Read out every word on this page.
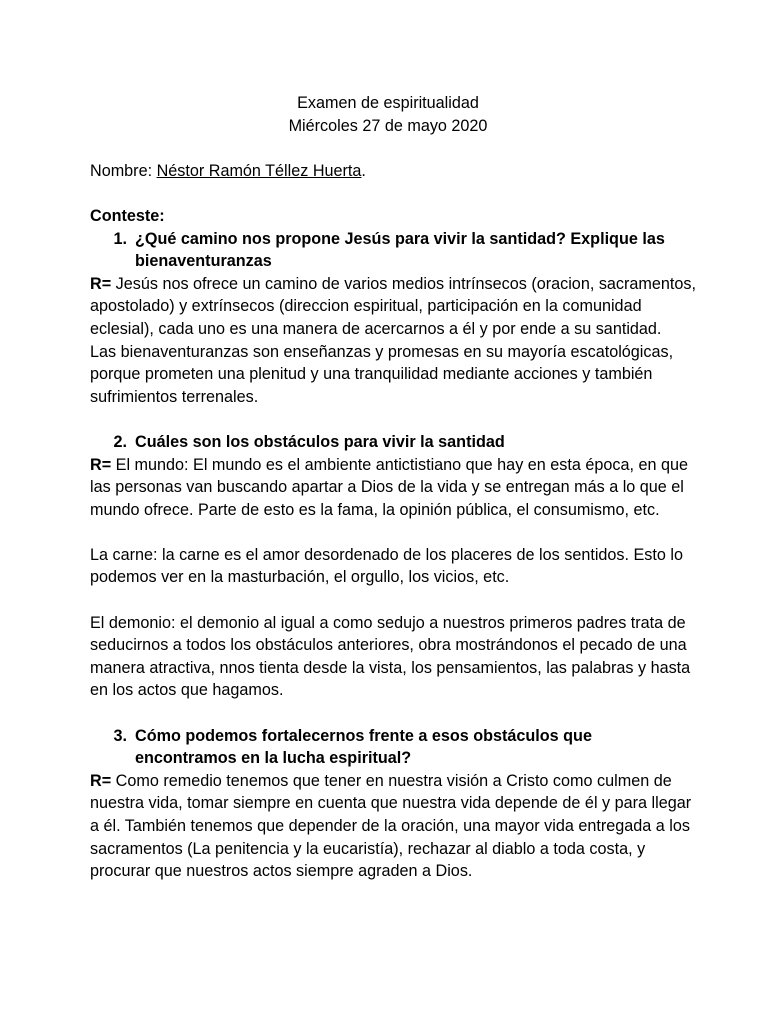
Examen de espiritualidad

Miércoles 27 de mayo 2020

Nombre: Néstor Ramón Téllez Huerta.

Conteste:

1. ¿Qué camino nos propone Jesús para vivir la santidad? Explique las bienaventuranzas

R= Jesús nos ofrece un camino de varios medios intrínsecos (oracion, sacramentos, apostolado) y extrínsecos (direccion espiritual, participación en la comunidad eclesial), cada uno es una manera de acercarnos a él y por ende a su santidad.

Las bienaventuranzas son enseñanzas y promesas en su mayoría escatológicas, porque prometen una plenitud y una tranquilidad mediante acciones y también sufrimientos terrenales.

2. Cuáles son los obstáculos para vivir la santidad

R= El mundo: El mundo es el ambiente antictistiano que hay en esta época, en que las personas van buscando apartar a Dios de la vida y se entregan más a lo que el mundo ofrece. Parte de esto es la fama, la opinión pública, el consumismo, etc.

La carne: la carne es el amor desordenado de los placeres de los sentidos. Esto lo podemos ver en la masturbación, el orgullo, los vicios, etc.

El demonio: el demonio al igual a como sedujo a nuestros primeros padres trata de seducirnos a todos los obstáculos anteriores, obra mostrándonos el pecado de una manera atractiva, nnos tienta desde la vista, los pensamientos, las palabras y hasta en los actos que hagamos.

3. Cómo podemos fortalecernos frente a esos obstáculos que encontramos en la lucha espiritual?

R= Como remedio tenemos que tener en nuestra visión a Cristo como culmen de nuestra vida, tomar siempre en cuenta que nuestra vida depende de él y para llegar a él. También tenemos que depender de la oración, una mayor vida entregada a los sacramentos (La penitencia y la eucaristía), rechazar al diablo a toda costa, y procurar que nuestros actos siempre agraden a Dios.
